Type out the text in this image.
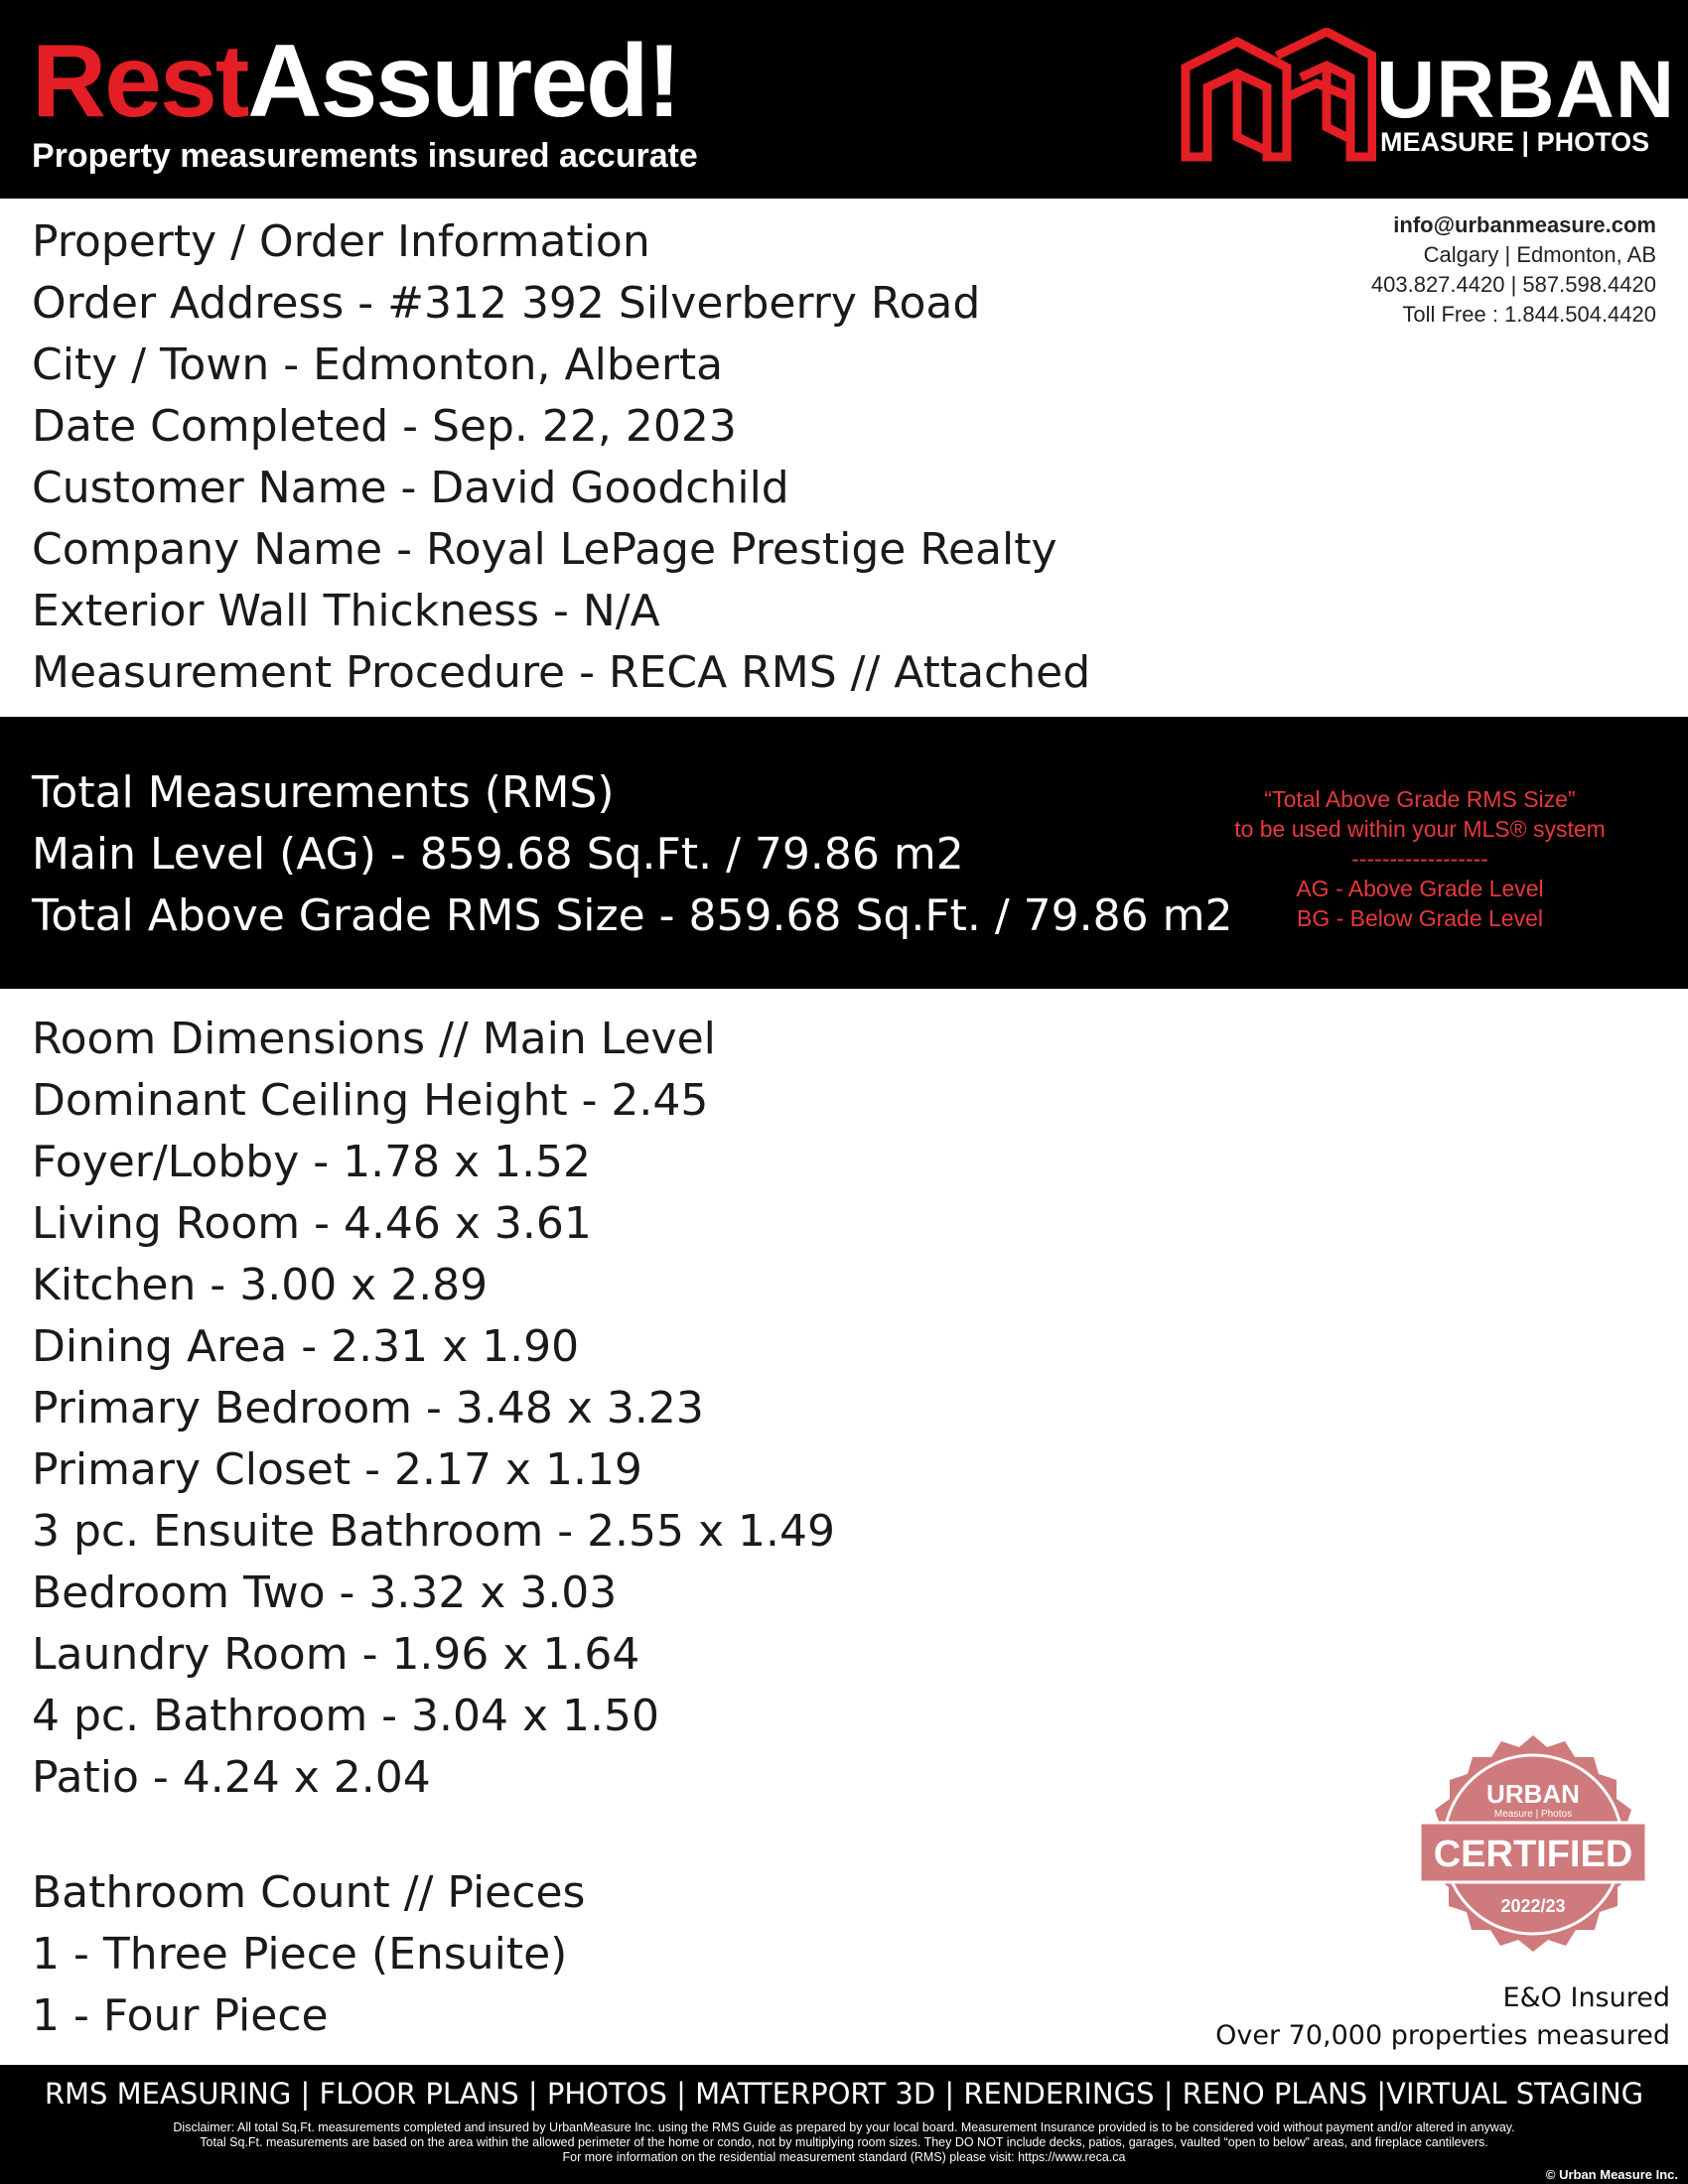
RestAssured!
Property measurements insured accurate
URBAN
MEASURE | PHOTOS
info@urbanmeasure.com
Calgary | Edmonton, AB
403.827.4420 | 587.598.4420
Toll Free : 1.844.504.4420
Property / Order Information
Order Address - #312 392 Silverberry Road
City / Town - Edmonton, Alberta
Date Completed - Sep. 22, 2023
Customer Name - David Goodchild
Company Name - Royal LePage Prestige Realty
Exterior Wall Thickness - N/A
Measurement Procedure - RECA RMS // Attached
Total Measurements (RMS)
Main Level (AG) - 859.68 Sq.Ft. / 79.86 m2
Total Above Grade RMS Size - 859.68 Sq.Ft. / 79.86 m2
“Total Above Grade RMS Size”
to be used within your MLS® system
------------------
AG - Above Grade Level
BG - Below Grade Level
Room Dimensions // Main Level
Dominant Ceiling Height - 2.45
Foyer/Lobby - 1.78 x 1.52
Living Room - 4.46 x 3.61
Kitchen - 3.00 x 2.89
Dining Area - 2.31 x 1.90
Primary Bedroom - 3.48 x 3.23
Primary Closet - 2.17 x 1.19
3 pc. Ensuite Bathroom - 2.55 x 1.49
Bedroom Two - 3.32 x 3.03
Laundry Room - 1.96 x 1.64
4 pc. Bathroom - 3.04 x 1.50
Patio - 4.24 x 2.04
Bathroom Count // Pieces
1 - Three Piece (Ensuite)
1 - Four Piece
URBAN
Measure | Photos
CERTIFIED
2022/23
E&O Insured
Over 70,000 properties measured
RMS MEASURING | FLOOR PLANS | PHOTOS | MATTERPORT 3D | RENDERINGS | RENO PLANS |VIRTUAL STAGING
Disclaimer: All total Sq.Ft. measurements completed and insured by UrbanMeasure Inc. using the RMS Guide as prepared by your local board. Measurement Insurance provided is to be considered void without payment and/or altered in anyway.
Total Sq.Ft. measurements are based on the area within the allowed perimeter of the home or condo, not by multiplying room sizes. They DO NOT include decks, patios, garages, vaulted “open to below” areas, and fireplace cantilevers.
For more information on the residential measurement standard (RMS) please visit: https://www.reca.ca
© Urban Measure Inc.
